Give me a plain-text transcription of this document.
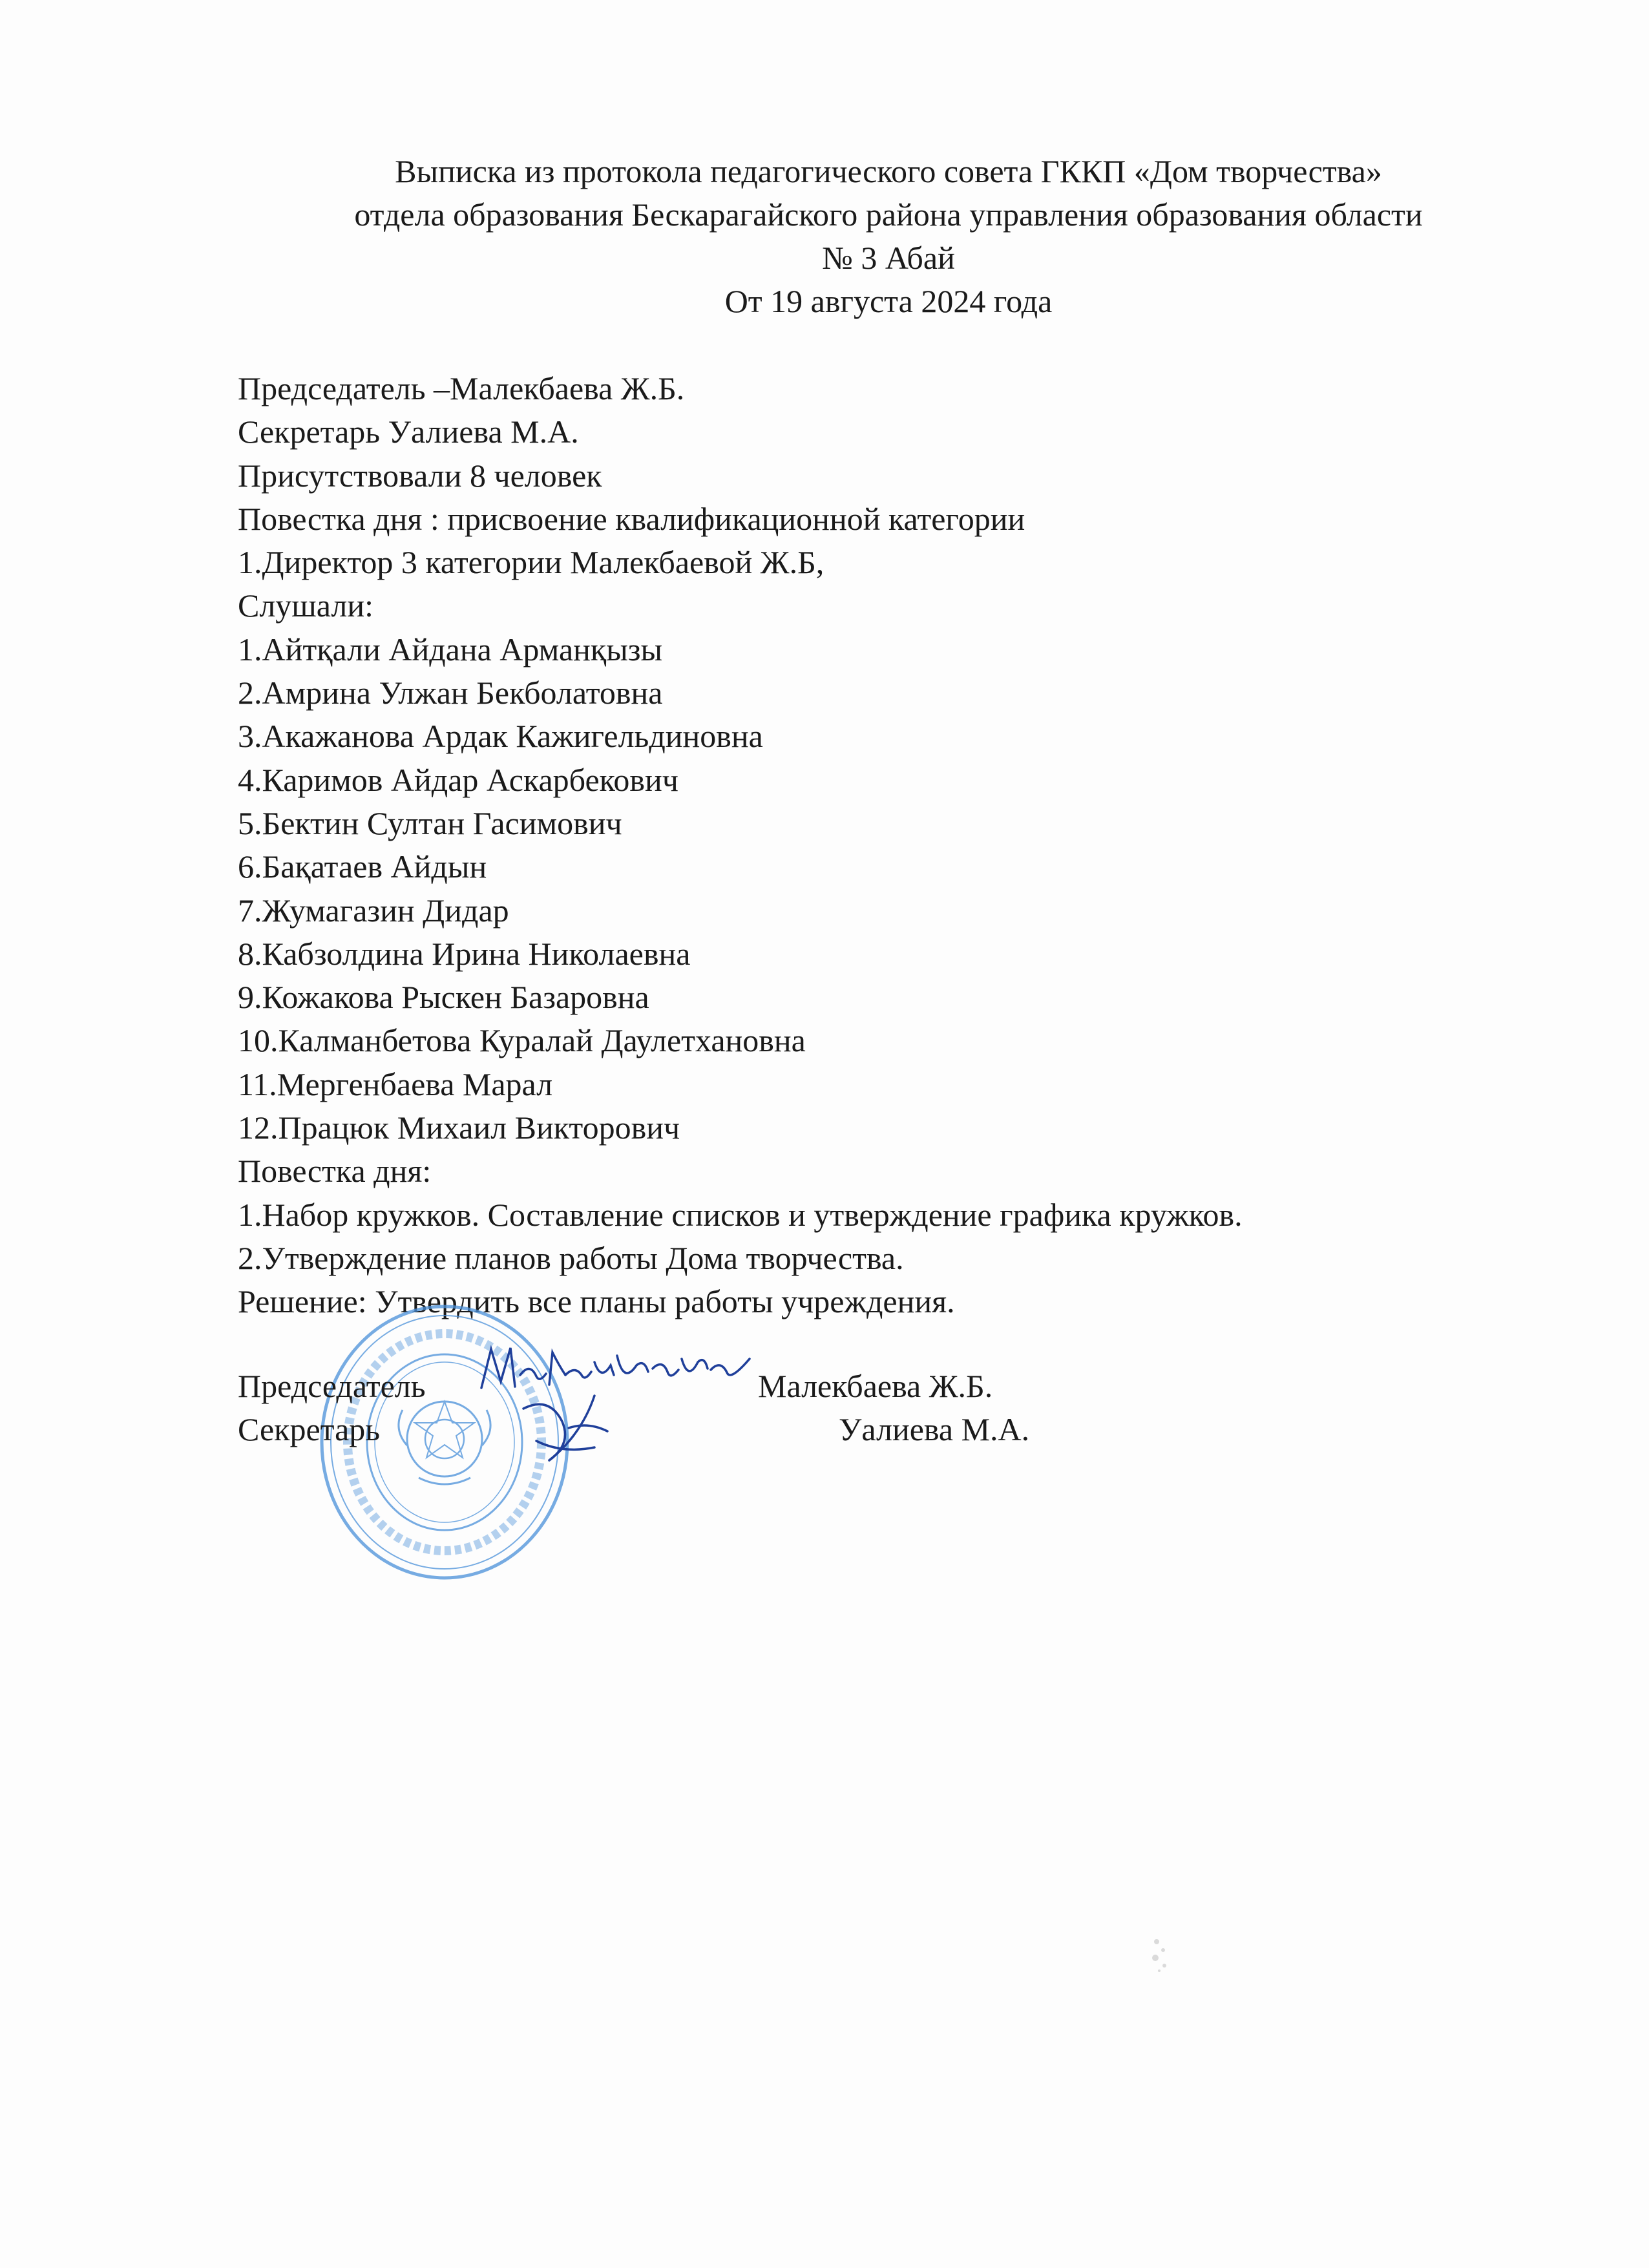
Выписка из протокола педагогического совета ГККП «Дом творчества»
отдела образования Бескарагайского района управления образования области
№ 3 Абай
От 19 августа 2024 года
Председатель –Малекбаева Ж.Б.
Секретарь Уалиева М.А.
Присутствовали 8 человек
Повестка дня : присвоение квалификационной категории
1.Директор 3 категории Малекбаевой Ж.Б,
Слушали:
1.Айтқали Айдана Арманқызы
2.Амрина Улжан Бекболатовна
3.Акажанова Ардак Кажигельдиновна
4.Каримов Айдар Аскарбекович
5.Бектин Султан Гасимович
6.Бақатаев Айдын
7.Жумагазин Дидар
8.Кабзолдина Ирина Николаевна
9.Кожакова Рыскен Базаровна
10.Калманбетова Куралай Даулетхановна
11.Мергенбаева Марал
12.Працюк Михаил Викторович
Повестка дня:
1.Набор кружков. Составление списков и утверждение графика кружков.
2.Утверждение планов работы Дома творчества.
Решение: Утвердить все планы работы учреждения.
Председатель	Малекбаева Ж.Б.
Секретарь	Уалиева М.А.
